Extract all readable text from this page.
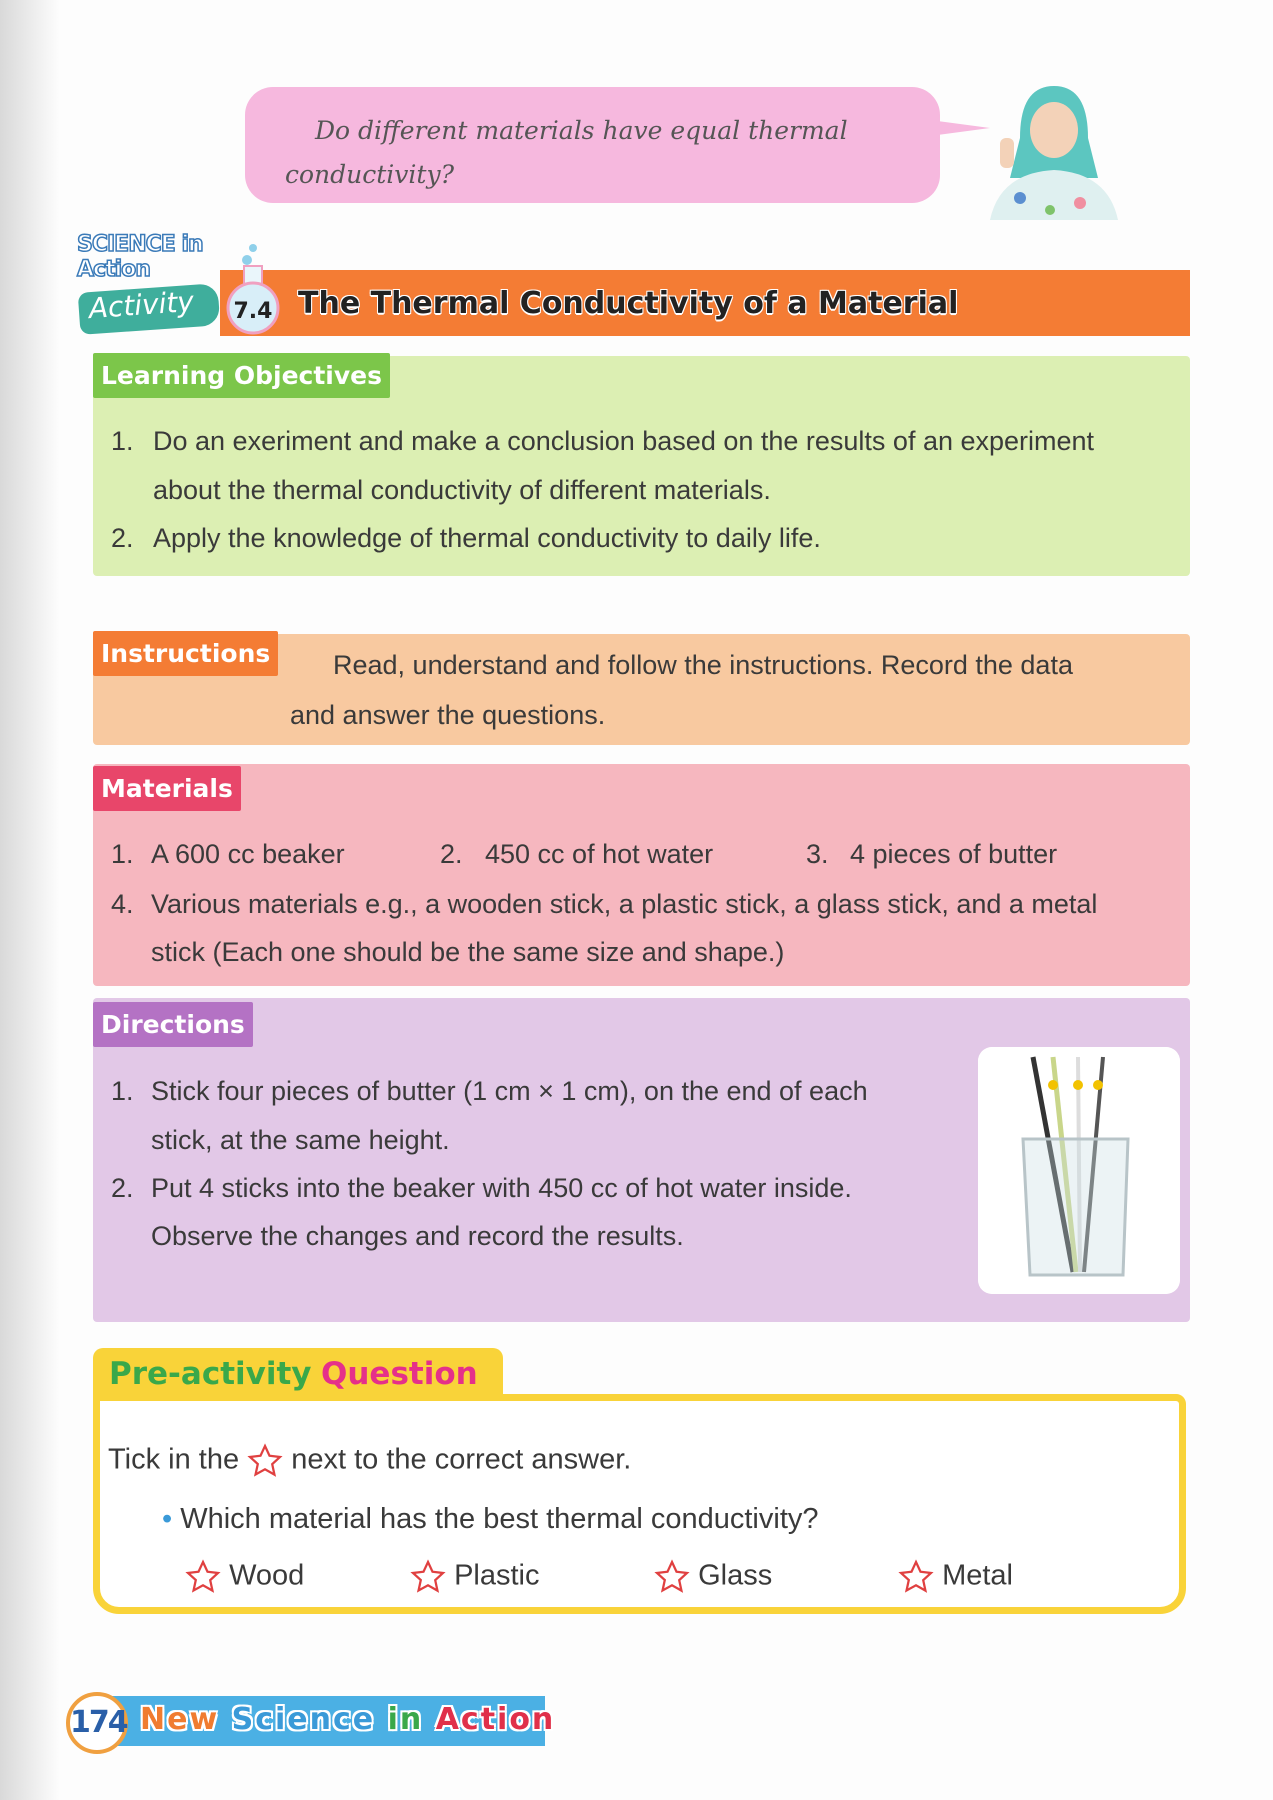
Do different materials have equal thermal
conductivity?
SCIENCE in Action
Activity	The Thermal Conductivity of a Material
7.4
Learning Objectives
1. Do an exeriment and make a conclusion based on the results of an experiment
about the thermal conductivity of different materials.
2. Apply the knowledge of thermal conductivity to daily life.
Instructions Read, understand and follow the instructions. Record the data
and answer the questions.
Materials
1. A 600 cc beaker	2. 450 cc of hot water	3. 4 pieces of butter
4. Various materials e.g., a wooden stick, a plastic stick, a glass stick, and a metal
stick (Each one should be the same size and shape.)
Directions
1. Stick four pieces of butter (1 cm × 1 cm), on the end of each
stick, at the same height.
2. Put 4 sticks into the beaker with 450 cc of hot water inside.
Observe the changes and record the results.
Pre-activity Question
Tick in the next to the correct answer.
• Which material has the best thermal conductivity?
Wood	Plastic	Glass	Metal
174 New Science in Action
